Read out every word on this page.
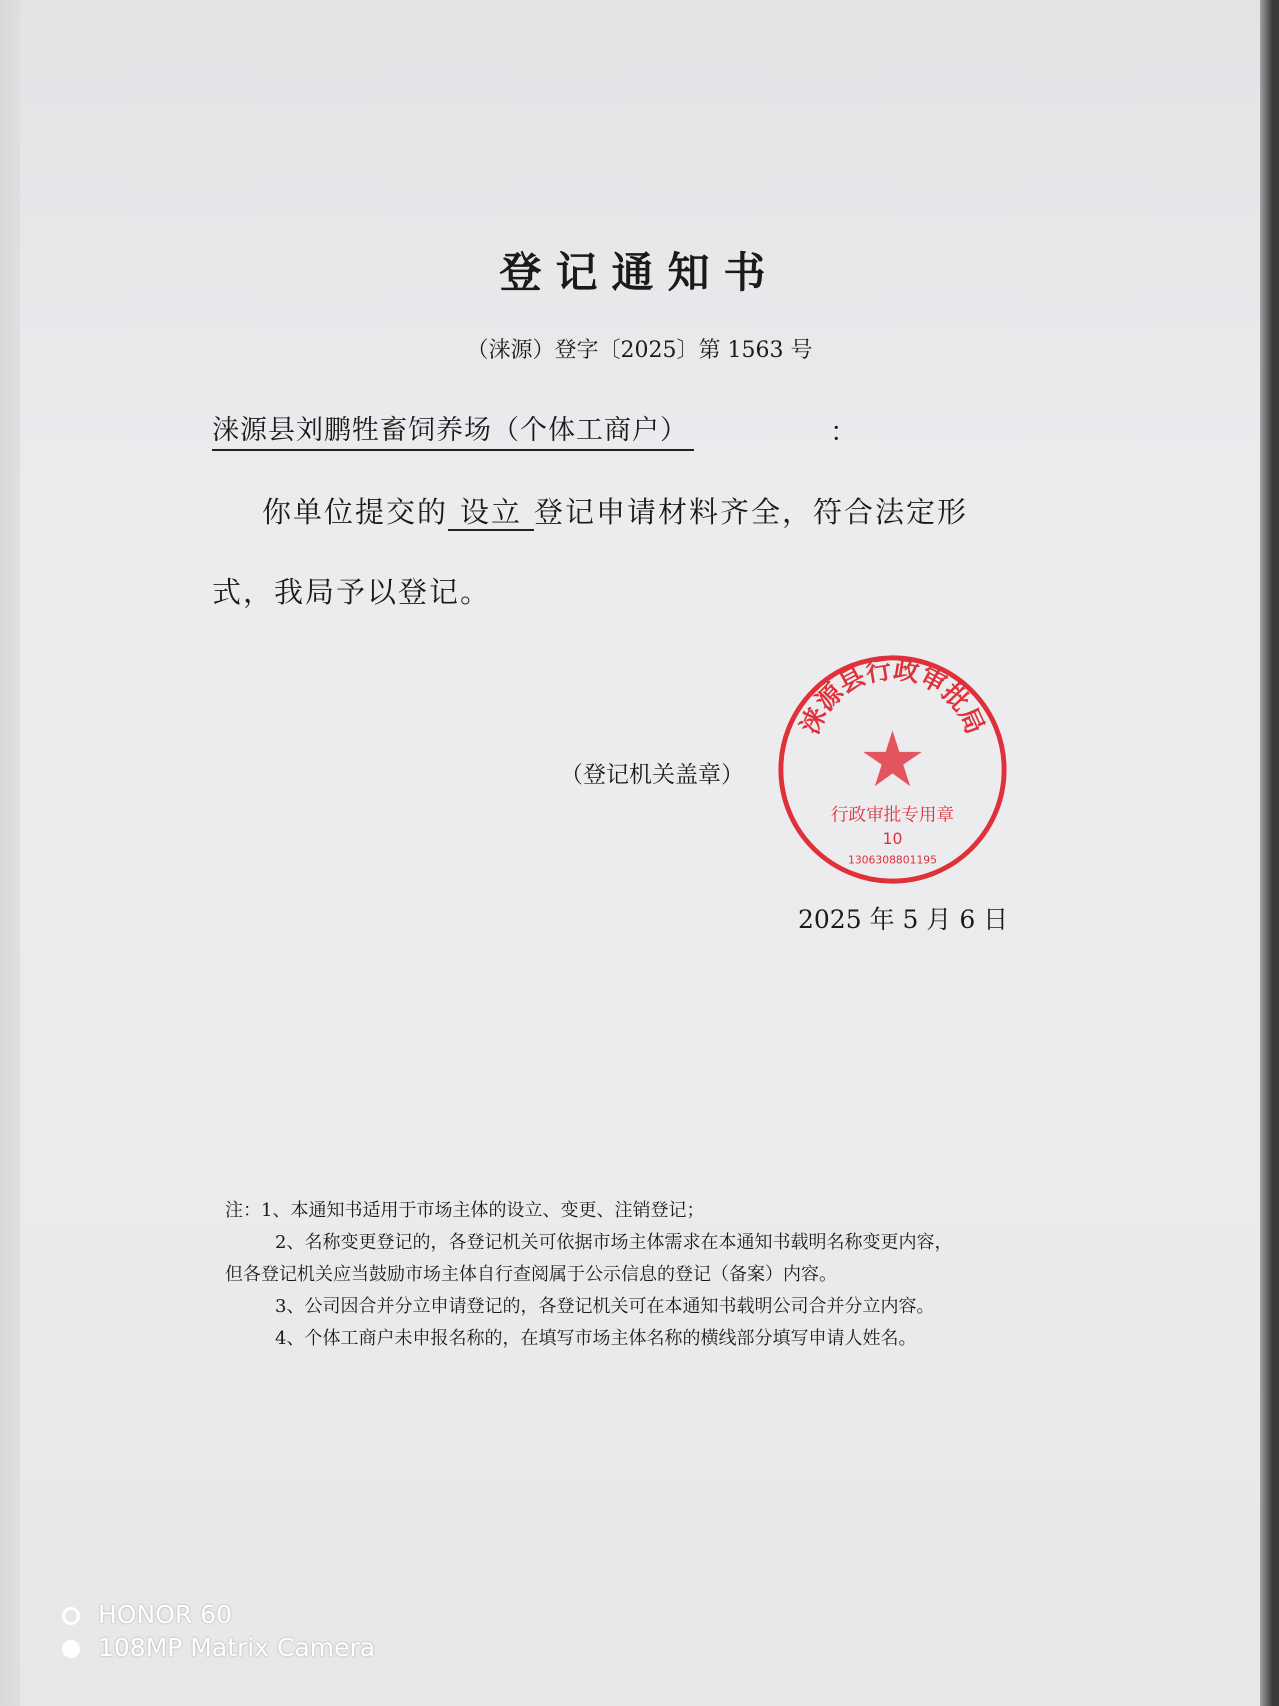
登记通知书
（涞源）登字〔2025〕第 1563 号
涞源县刘鹏牲畜饲养场（个体工商户）	：
你单位提交的 设立 登记申请材料齐全，符合法定形
式，我局予以登记。
涞源县行政审批局
行政审批专用章
10
1306308801195
（登记机关盖章）
2025 年 5 月 6 日
注：1、本通知书适用于市场主体的设立、变更、注销登记；
2、名称变更登记的，各登记机关可依据市场主体需求在本通知书载明名称变更内容，
但各登记机关应当鼓励市场主体自行查阅属于公示信息的登记（备案）内容。
3、公司因合并分立申请登记的，各登记机关可在本通知书载明公司合并分立内容。
4、个体工商户未申报名称的，在填写市场主体名称的横线部分填写申请人姓名。
HONOR 60
108MP Matrix Camera
